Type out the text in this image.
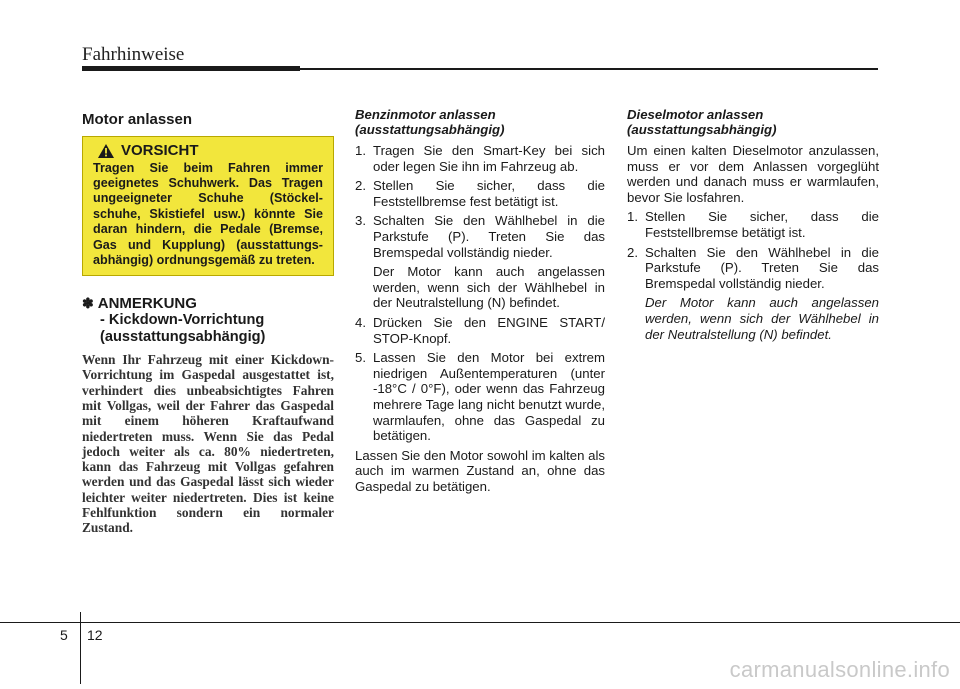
Fahrhinweise
Motor anlassen
VORSICHT
Tragen Sie beim Fahren immer geeignetes Schuhwerk. Das Tragen ungeeigneter Schuhe (Stöckel-schuhe, Skistiefel usw.) könnte Sie daran hindern, die Pedale (Bremse, Gas und Kupplung) (ausstattungs-abhängig) ordnungsgemäß zu treten.
✽ ANMERKUNG
- Kickdown-Vorrichtung (ausstattungsabhängig)
Wenn Ihr Fahrzeug mit einer Kickdown-Vorrichtung im Gaspedal ausgestattet ist, verhindert dies unbeabsichtigtes Fahren mit Vollgas, weil der Fahrer das Gaspedal mit einem höheren Kraftaufwand niedertreten muss. Wenn Sie das Pedal jedoch weiter als ca. 80% niedertreten, kann das Fahrzeug mit Vollgas gefahren werden und das Gaspedal lässt sich wieder leichter weiter niedertreten. Dies ist keine Fehlfunktion sondern ein normaler Zustand.
Benzinmotor anlassen (ausstattungsabhängig)
1. Tragen Sie den Smart-Key bei sich oder legen Sie ihn im Fahrzeug ab.
2. Stellen Sie sicher, dass die Feststellbremse fest betätigt ist.
3. Schalten Sie den Wählhebel in die Parkstufe (P). Treten Sie das Bremspedal vollständig nieder.

Der Motor kann auch angelassen werden, wenn sich der Wählhebel in der Neutralstellung (N) befindet.

4. Drücken Sie den ENGINE START/ STOP-Knopf.
5. Lassen Sie den Motor bei extrem niedrigen Außentemperaturen (unter -18°C / 0°F), oder wenn das Fahrzeug mehrere Tage lang nicht benutzt wurde, warmlaufen, ohne das Gaspedal zu betätigen.

Lassen Sie den Motor sowohl im kalten als auch im warmen Zustand an, ohne das Gaspedal zu betätigen.

Dieselmotor anlassen (ausstattungsabhängig)

Um einen kalten Dieselmotor anzulassen, muss er vor dem Anlassen vorgeglüht werden und danach muss er warmlaufen, bevor Sie losfahren.

1. Stellen Sie sicher, dass die Feststellbremse betätigt ist.
2. Schalten Sie den Wählhebel in die Parkstufe (P). Treten Sie das Bremspedal vollständig nieder.

Der Motor kann auch angelassen werden, wenn sich der Wählhebel in der Neutralstellung (N) befindet.

5 12
carmanualsonline.info
